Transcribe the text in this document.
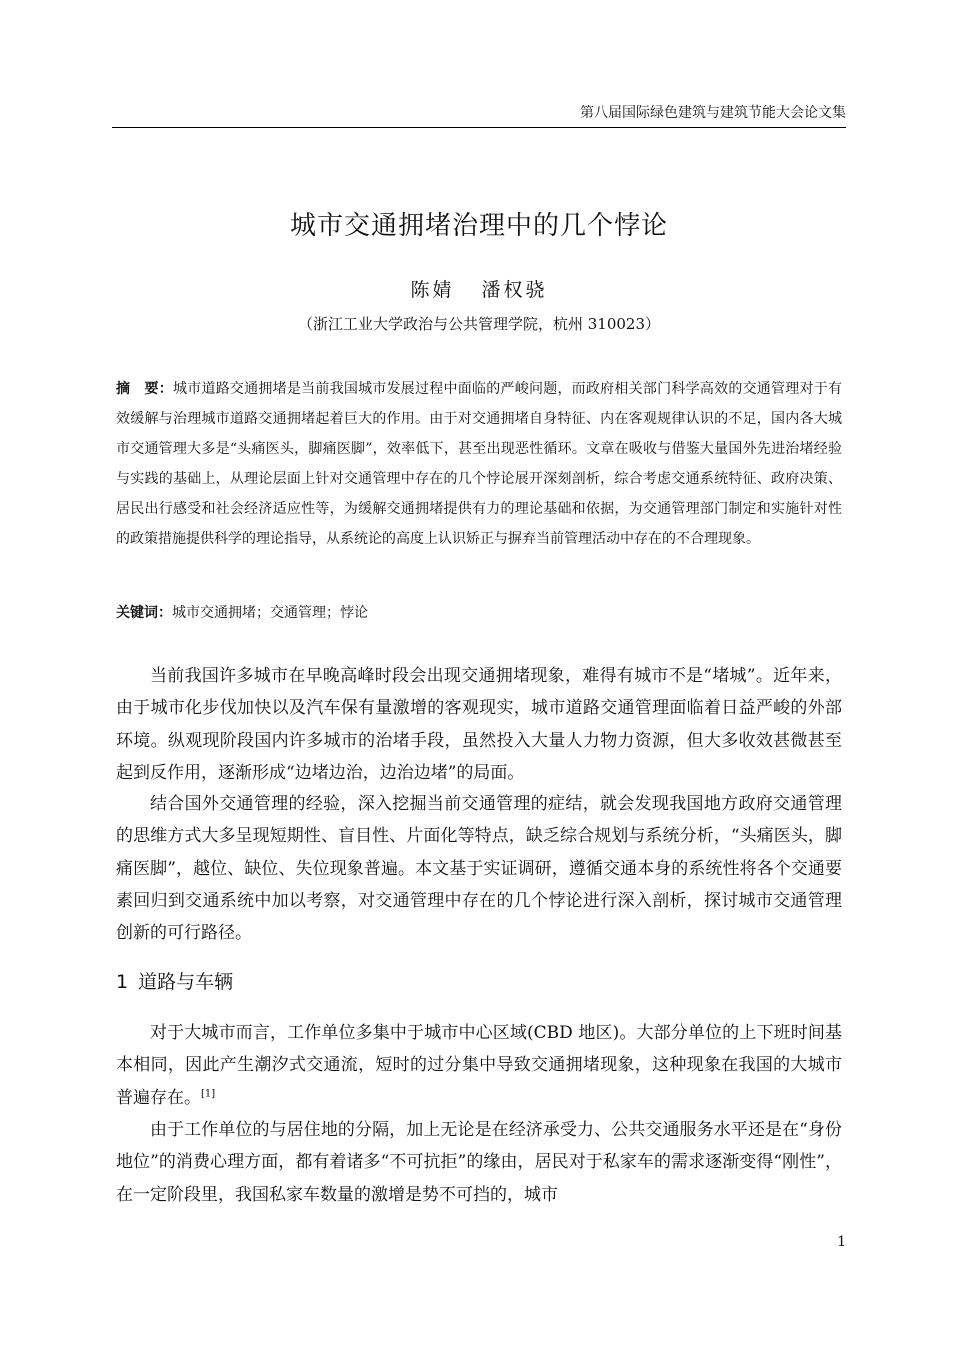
第八届国际绿色建筑与建筑节能大会论文集
城市交通拥堵治理中的几个悖论
陈婧   潘权骁
（浙江工业大学政治与公共管理学院，杭州 310023）
摘　要：城市道路交通拥堵是当前我国城市发展过程中面临的严峻问题，而政府相关部门科学高效的交通管理对于有效缓解与治理城市道路交通拥堵起着巨大的作用。由于对交通拥堵自身特征、内在客观规律认识的不足，国内各大城市交通管理大多是“头痛医头，脚痛医脚”，效率低下，甚至出现恶性循环。文章在吸收与借鉴大量国外先进治堵经验与实践的基础上，从理论层面上针对交通管理中存在的几个悖论展开深刻剖析，综合考虑交通系统特征、政府决策、居民出行感受和社会经济适应性等，为缓解交通拥堵提供有力的理论基础和依据，为交通管理部门制定和实施针对性的政策措施提供科学的理论指导，从系统论的高度上认识矫正与摒弃当前管理活动中存在的不合理现象。
关键词：城市交通拥堵；交通管理；悖论

当前我国许多城市在早晚高峰时段会出现交通拥堵现象，难得有城市不是“堵城”。近年来，由于城市化步伐加快以及汽车保有量激增的客观现实，城市道路交通管理面临着日益严峻的外部环境。纵观现阶段国内许多城市的治堵手段，虽然投入大量人力物力资源，但大多收效甚微甚至起到反作用，逐渐形成“边堵边治，边治边堵”的局面。

结合国外交通管理的经验，深入挖掘当前交通管理的症结，就会发现我国地方政府交通管理的思维方式大多呈现短期性、盲目性、片面化等特点，缺乏综合规划与系统分析，“头痛医头，脚痛医脚”，越位、缺位、失位现象普遍。本文基于实证调研，遵循交通本身的系统性将各个交通要素回归到交通系统中加以考察，对交通管理中存在的几个悖论进行深入剖析，探讨城市交通管理创新的可行路径。

1 道路与车辆

对于大城市而言，工作单位多集中于城市中心区域(CBD 地区)。大部分单位的上下班时间基本相同，因此产生潮汐式交通流，短时的过分集中导致交通拥堵现象，这种现象在我国的大城市普遍存在。[1]

由于工作单位的与居住地的分隔，加上无论是在经济承受力、公共交通服务水平还是在“身份地位”的消费心理方面，都有着诸多“不可抗拒”的缘由，居民对于私家车的需求逐渐变得“刚性”，在一定阶段里，我国私家车数量的激增是势不可挡的，城市

1
